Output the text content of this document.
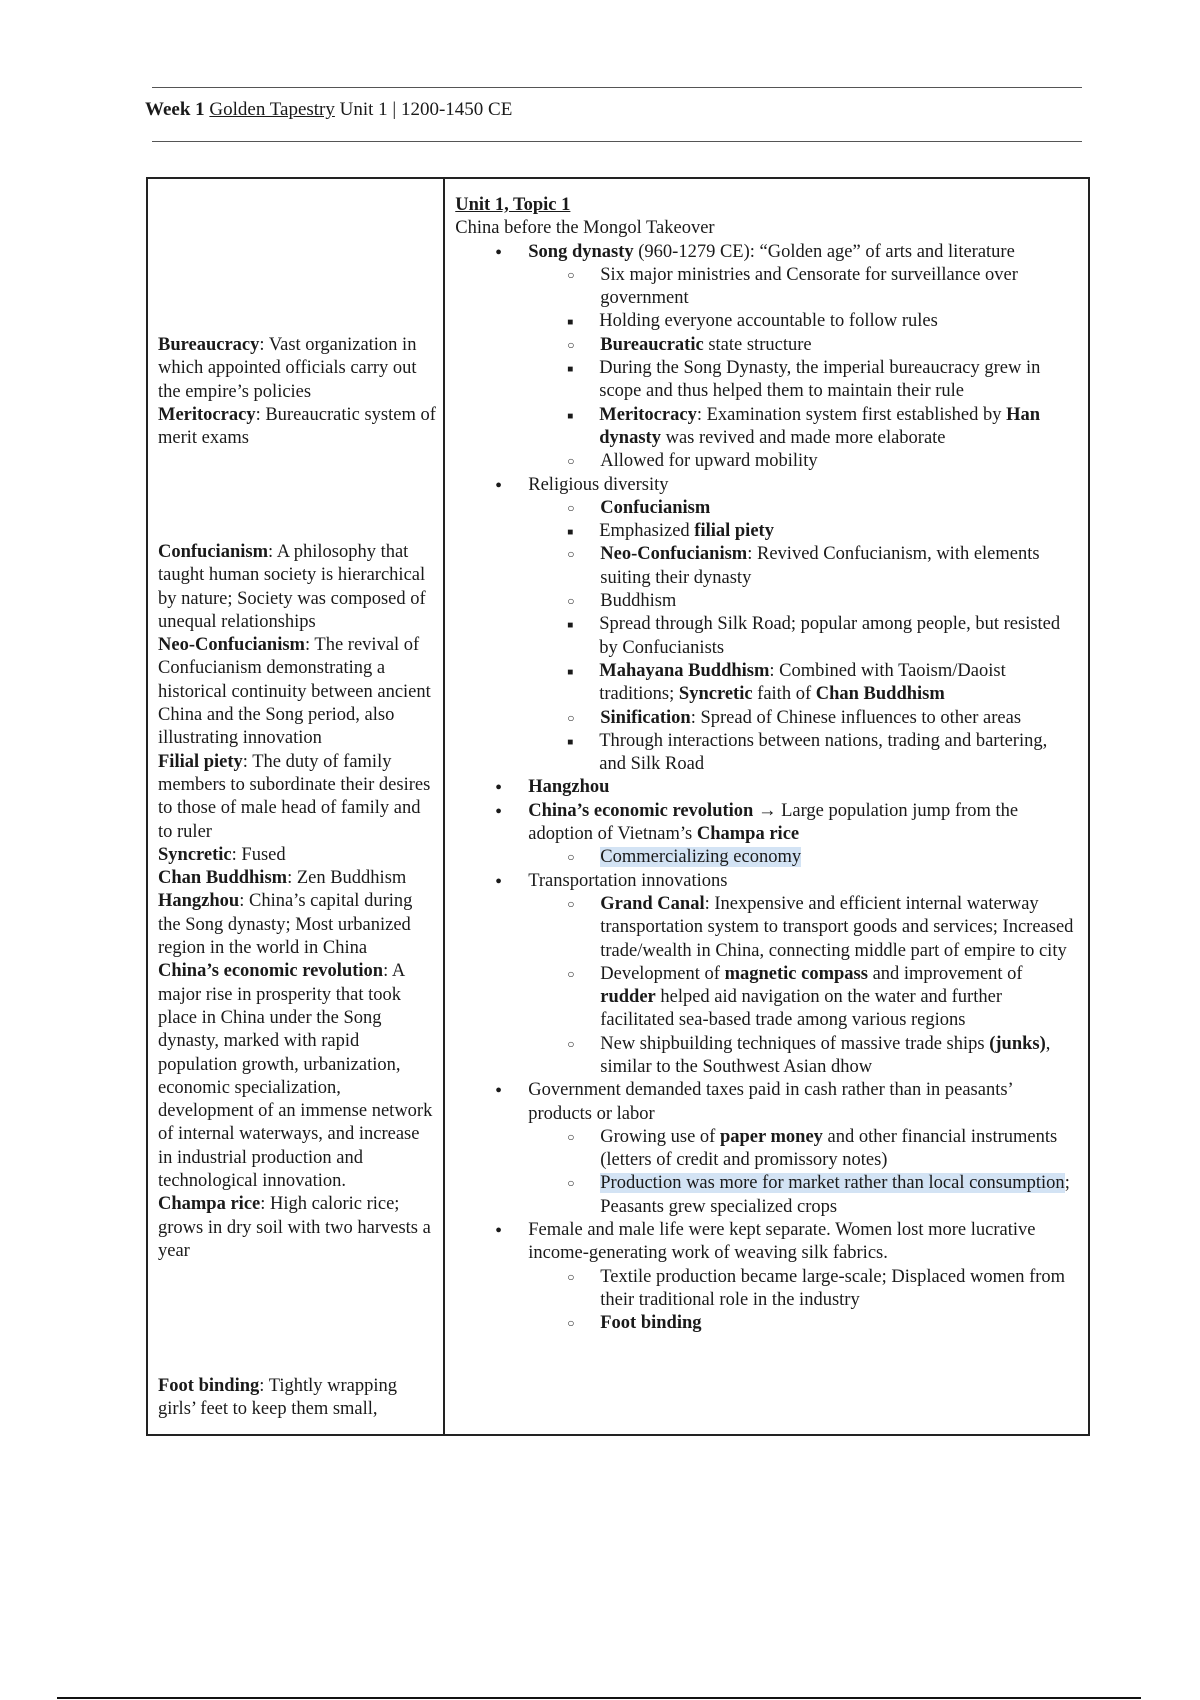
Week 1 Golden Tapestry Unit 1 | 1200-1450 CE

Bureaucracy: Vast organization in which appointed officials carry out the empire’s policies

Meritocracy: Bureaucratic system of merit exams

Confucianism: A philosophy that taught human society is hierarchical by nature; Society was composed of unequal relationships

Neo-Confucianism: The revival of Confucianism demonstrating a historical continuity between ancient China and the Song period, also illustrating innovation

Filial piety: The duty of family members to subordinate their desires to those of male head of family and to ruler

Syncretic: Fused

Chan Buddhism: Zen Buddhism

Hangzhou: China’s capital during the Song dynasty; Most urbanized region in the world in China

China’s economic revolution: A major rise in prosperity that took place in China under the Song dynasty, marked with rapid population growth, urbanization, economic specialization, development of an immense network of internal waterways, and increase in industrial production and technological innovation.

Champa rice: High caloric rice; grows in dry soil with two harvests a year

Foot binding: Tightly wrapping girls’ feet to keep them small,

Unit 1, Topic 1
China before the Mongol Takeover
● Song dynasty (960-1279 CE): “Golden age” of arts and literature
○ Six major ministries and Censorate for surveillance over government
■ Holding everyone accountable to follow rules
○ Bureaucratic state structure
■ During the Song Dynasty, the imperial bureaucracy grew in scope and thus helped them to maintain their rule
■ Meritocracy: Examination system first established by Han dynasty was revived and made more elaborate
○ Allowed for upward mobility
● Religious diversity
○ Confucianism
■ Emphasized filial piety
○ Neo-Confucianism: Revived Confucianism, with elements suiting their dynasty
○ Buddhism
■ Spread through Silk Road; popular among people, but resisted by Confucianists
■ Mahayana Buddhism: Combined with Taoism/Daoist traditions; Syncretic faith of Chan Buddhism
○ Sinification: Spread of Chinese influences to other areas
■ Through interactions between nations, trading and bartering, and Silk Road
● Hangzhou
● China’s economic revolution → Large population jump from the adoption of Vietnam’s Champa rice
○ Commercializing economy
● Transportation innovations
○ Grand Canal: Inexpensive and efficient internal waterway transportation system to transport goods and services; Increased trade/wealth in China, connecting middle part of empire to city
○ Development of magnetic compass and improvement of rudder helped aid navigation on the water and further facilitated sea-based trade among various regions
○ New shipbuilding techniques of massive trade ships (junks), similar to the Southwest Asian dhow
● Government demanded taxes paid in cash rather than in peasants’ products or labor
○ Growing use of paper money and other financial instruments (letters of credit and promissory notes)
○ Production was more for market rather than local consumption; Peasants grew specialized crops
● Female and male life were kept separate. Women lost more lucrative income-generating work of weaving silk fabrics.
○ Textile production became large-scale; Displaced women from their traditional role in the industry
○ Foot binding
